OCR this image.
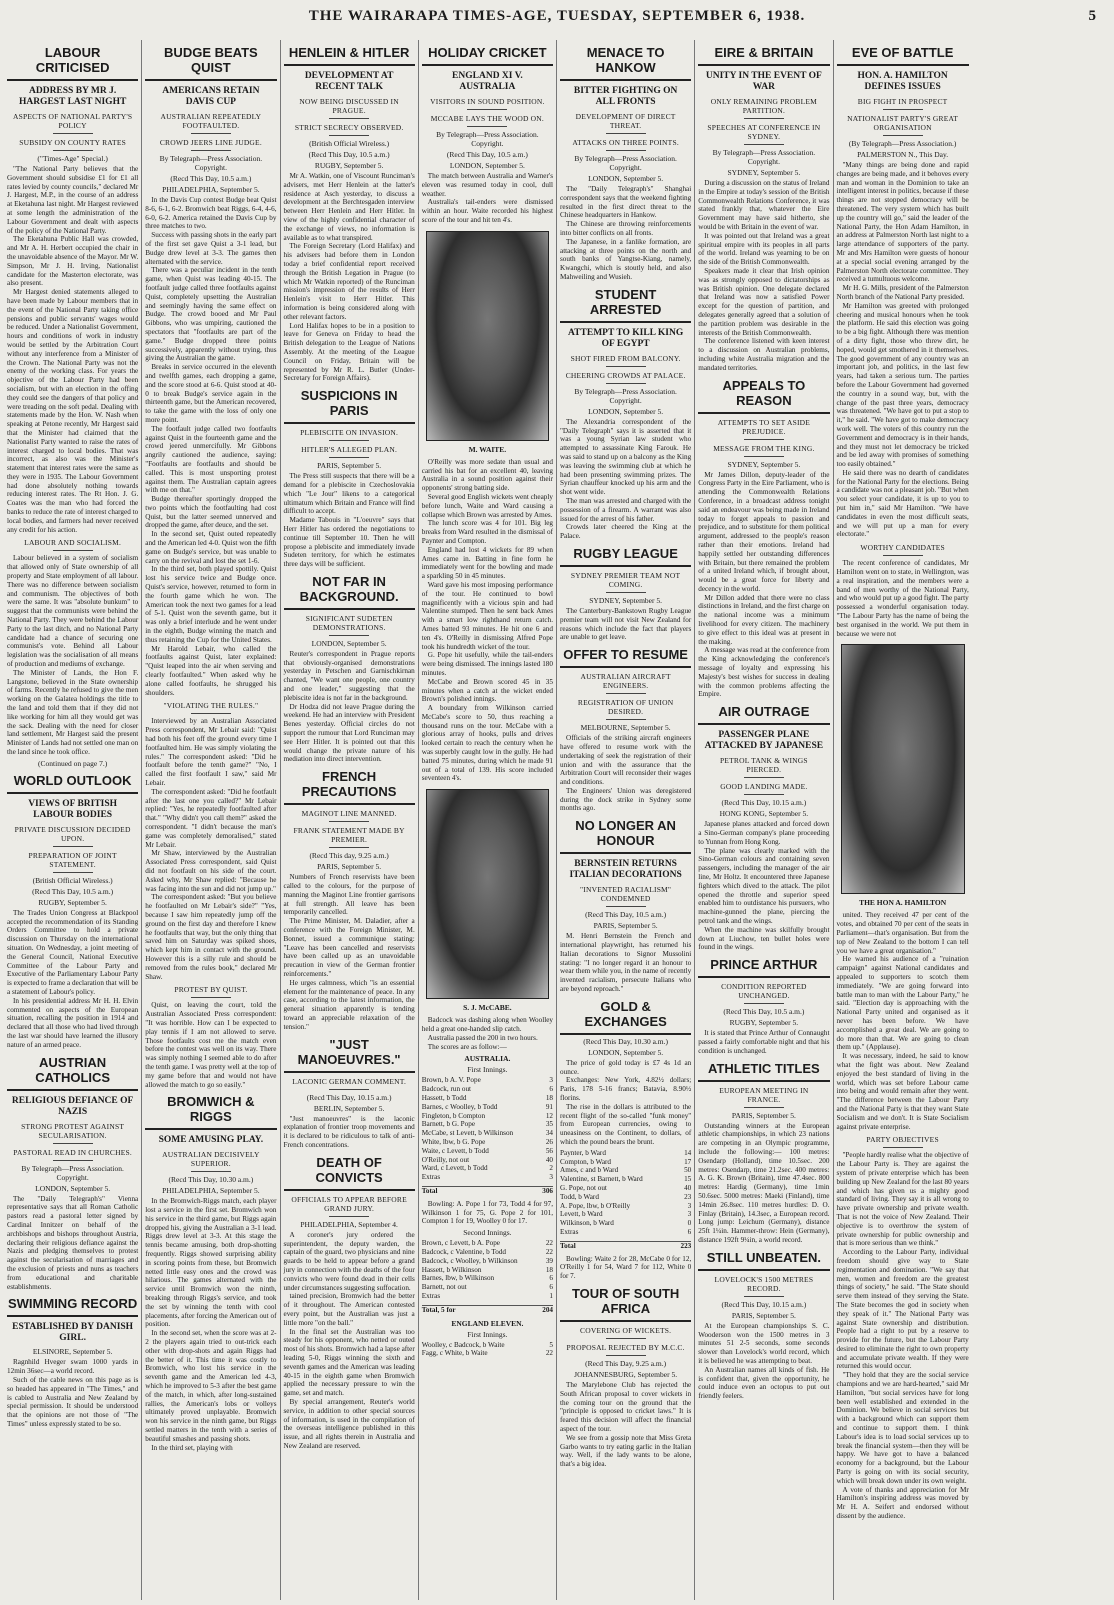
THE WAIRARAPA TIMES-AGE, TUESDAY, SEPTEMBER 6, 1938.	5
LABOUR CRITICISED
ADDRESS BY MR J. HARGEST LAST NIGHT
ASPECTS OF NATIONAL PARTY'S POLICY
SUBSIDY ON COUNTY RATES
("Times-Age" Special.)
"The National Party believes that the Government should subsidise £1 for £1 all rates levied by county councils," declared Mr J. Hargest, M.P., in the course of an address at Eketahuna last night. Mr Hargest reviewed at some length the administration of the Labour Government and dealt with aspects of the policy of the National Party.
The Eketahuna Public Hall was crowded, and Mr A. H. Herbert occupied the chair in the unavoidable absence of the Mayor. Mr W. Simpson, Mr J. H. Irving, Nationalist candidate for the Masterton electorate, was also present.
Mr Hargest denied statements alleged to have been made by Labour members that in the event of the National Party taking office pensions and public servants' wages would be reduced. Under a Nationalist Government, hours and conditions of work in industry would be settled by the Arbitration Court without any interference from a Minister of the Crown. The National Party was not the enemy of the working class. For years the objective of the Labour Party had been socialism, but with an election in the offing they could see the dangers of that policy and were treading on the soft pedal. Dealing with statements made by the Hon. W. Nash when speaking at Petone recently, Mr Hargest said that the Minister had claimed that the Nationalist Party wanted to raise the rates of interest charged to local bodies. That was incorrect, as also was the Minister's statement that interest rates were the same as they were in 1935. The Labour Government had done absolutely nothing towards reducing interest rates. The Rt Hon. J. G. Coates was the man who had forced the banks to reduce the rate of interest charged to local bodies, and farmers had never received any credit for his action.
LABOUR AND SOCIALISM.
Labour believed in a system of socialism that allowed only of State ownership of all property and State employment of all labour. There was no difference between socialism and communism. The objectives of both were the same. It was "absolute bunkum" to suggest that the communists were behind the National Party. They were behind the Labour Party to the last ditch, and no National Party candidate had a chance of securing one communist's vote. Behind all Labour legislation was the socialisation of all means of production and mediums of exchange.
The Minister of Lands, the Hon F. Langstone, believed in the State ownership of farms. Recently he refused to give the men working on the Galatea holdings the title to the land and told them that if they did not like working for him all they would get was the sack. Dealing with the need for closer land settlement, Mr Hargest said the present Minister of Lands had not settled one man on the land since he took office.
(Continued on page 7.)
WORLD OUTLOOK
VIEWS OF BRITISH LABOUR BODIES
PRIVATE DISCUSSION DECIDED UPON.
PREPARATION OF JOINT STATEMENT.
(British Official Wireless.)
(Recd This Day, 10.5 a.m.)
RUGBY, September 5.
The Trades Union Congress at Blackpool accepted the recommendation of its Standing Orders Committee to hold a private discussion on Thursday on the international situation. On Wednesday, a joint meeting of the General Council, National Executive Committee of the Labour Party and Executive of the Parliamentary Labour Party is expected to frame a declaration that will be a statement of Labour's policy.
In his presidential address Mr H. H. Elvin commented on aspects of the European situation, recalling the position in 1914 and declared that all those who had lived through the last war should have learned the illusory nature of an armed peace.
AUSTRIAN CATHOLICS
RELIGIOUS DEFIANCE OF NAZIS
STRONG PROTEST AGAINST SECULARISATION.
PASTORAL READ IN CHURCHES.
By Telegraph—Press Association. Copyright.
LONDON, September 5.
The "Daily Telegraph's" Vienna representative says that all Roman Catholic pastors read a pastoral letter signed by Cardinal Innitzer on behalf of the archbishops and bishops throughout Austria, declaring their religious defiance against the Nazis and pledging themselves to protest against the secularisation of marriages and the exclusion of priests and nuns as teachers from educational and charitable establishments.
SWIMMING RECORD
ESTABLISHED BY DANISH GIRL.
ELSINORE, September 5.
Ragnhild Hveger swam 1000 yards in 12min 36sec—a world record.
Such of the cable news on this page as is so headed has appeared in "The Times," and is cabled to Australia and New Zealand by special permission. It should be understood that the opinions are not those of "The Times" unless expressly stated to be so.
BUDGE BEATS QUIST
AMERICANS RETAIN DAVIS CUP
AUSTRALIAN REPEATEDLY FOOTFAULTED.
CROWD JEERS LINE JUDGE.
By Telegraph—Press Association. Copyright.
(Recd This Day, 10.5 a.m.)
PHILADELPHIA, September 5.
In the Davis Cup contest Budge beat Quist 8-6, 6-1, 6-2. Bromwich beat Riggs, 6-4, 4-6, 6-0, 6-2. America retained the Davis Cup by three matches to two.
Success with passing shots in the early part of the first set gave Quist a 3-1 lead, but Budge drew level at 3-3. The games then alternated with the service.
There was a peculiar incident in the tenth game, when Quist was leading 40-15. The footfault judge called three footfaults against Quist, completely upsetting the Australian and seemingly having the same effect on Budge. The crowd booed and Mr Paul Gibbons, who was umpiring, cautioned the spectators that "footfaults are part of the game." Budge dropped three points successively, apparently without trying, thus giving the Australian the game.
Breaks in service occurred in the eleventh and twelfth games, each dropping a game, and the score stood at 6-6. Quist stood at 40-0 to break Budge's service again in the thirteenth game, but the American recovered, to take the game with the loss of only one more point.
The footfault judge called two footfaults against Quist in the fourteenth game and the crowd jeered unmercifully. Mr Gibbons angrily cautioned the audience, saying: "Footfaults are footfaults and should be called. This is most unsporting protest against them. The Australian captain agrees with me on that."
Budge thereafter sportingly dropped the two points which the footfaulting had cost Quist, but the latter seemed unnerved and dropped the game, after deuce, and the set.
In the second set, Quist outed repeatedly and the American led 4-0. Quist won the fifth game on Budge's service, but was unable to carry on the revival and lost the set 1-6.
In the third set, both played spottily. Quist lost his service twice and Budge once. Quist's service, however, returned to form in the fourth game which he won. The American took the next two games for a lead of 5-1. Quist won the seventh game, but it was only a brief interlude and he went under in the eighth, Budge winning the match and thus retaining the Cup for the United States.
Mr Harold Lebair, who called the footfaults against Quist, later explained: "Quist leaped into the air when serving and clearly footfaulted." When asked why he alone called footfaults, he shrugged his shoulders.
"VIOLATING THE RULES."
Interviewed by an Australian Associated Press correspondent, Mr Lebair said: "Quist had both his feet off the ground every time I footfaulted him. He was simply violating the rules." The correspondent asked: "Did he footfault before the tenth game?" "No, I called the first footfault I saw," said Mr Lebair.
The correspondent asked: "Did he footfault after the last one you called?" Mr Lebair replied: "Yes, he repeatedly footfaulted after that." "Why didn't you call them?" asked the correspondent. "I didn't because the man's game was completely demoralised," stated Mr Lebair.
Mr Shaw, interviewed by the Australian Associated Press correspondent, said Quist did not footfault on his side of the court. Asked why, Mr Shaw replied: "Because he was facing into the sun and did not jump up."
The correspondent asked: "But you believe he footfaulted on Mr Lebair's side?" "Yes, because I saw him repeatedly jump off the ground on the first day and therefore I knew he footfaults that way, but the only thing that saved him on Saturday was spiked shoes, which kept him in contact with the ground. However this is a silly rule and should be removed from the rules book," declared Mr Shaw.
PROTEST BY QUIST.
Quist, on leaving the court, told the Australian Associated Press correspondent: "It was horrible. How can I be expected to play tennis if I am not allowed to serve. Those footfaults cost me the match even before the contest was well on its way. There was simply nothing I seemed able to do after the tenth game. I was pretty well at the top of my game before that and would not have allowed the match to go so easily."
BROMWICH & RIGGS
SOME AMUSING PLAY.
AUSTRALIAN DECISIVELY SUPERIOR.
(Recd This Day, 10.30 a.m.)
PHILADELPHIA, September 5.
In the Bromwich-Riggs match, each player lost a service in the first set. Bromwich won his service in the third game, but Riggs again dropped his, giving the Australian a 3-1 lead. Riggs drew level at 3-3. At this stage the tennis became amusing, both drop-shotting frequently. Riggs showed surprising ability in scoring points from these, but Bromwich netted little easy ones and the crowd was hilarious. The games alternated with the service until Bromwich won the ninth, breaking through Riggs's service, and took the set by winning the tenth with cool placements, after forcing the American out of position.
In the second set, when the score was at 2-2 the players again tried to out-trick each other with drop-shots and again Riggs had the better of it. This time it was costly to Bromwich, who lost his service in the seventh game and the American led 4-3, which he improved to 5-3 after the best game of the match, in which, after long-sustained rallies, the American's lobs or volleys ultimately proved unplayable. Bromwich won his service in the ninth game, but Riggs settled matters in the tenth with a series of beautiful smashes and passing shots.
In the third set, playing with
HENLEIN & HITLER
DEVELOPMENT AT RECENT TALK
NOW BEING DISCUSSED IN PRAGUE.
STRICT SECRECY OBSERVED.
(British Official Wireless.)
(Recd This Day, 10.5 a.m.)
RUGBY, September 5.
Mr A. Watkin, one of Viscount Runciman's advisers, met Herr Henlein at the latter's residence at Asch yesterday, to discuss a development at the Berchtesgaden interview between Herr Henlein and Herr Hitler. In view of the highly confidential character of the exchange of views, no information is available as to what transpired.
The Foreign Secretary (Lord Halifax) and his advisers had before them in London today a brief confidential report received through the British Legation in Prague (to which Mr Watkin reported) of the Runciman mission's impression of the results of Herr Henlein's visit to Herr Hitler. This information is being considered along with other relevant factors.
Lord Halifax hopes to be in a position to leave for Geneva on Friday to head the British delegation to the League of Nations Assembly. At the meeting of the League Council on Friday, Britain will be represented by Mr R. L. Butler (Under-Secretary for Foreign Affairs).
SUSPICIONS IN PARIS
PLEBISCITE ON INVASION.
HITLER'S ALLEGED PLAN.
PARIS, September 5.
The Press still suspects that there will be a demand for a plebiscite in Czechoslovakia which "Le Jour" likens to a categorical ultimatum which Britain and France will find difficult to accept.
Madame Tabouis in "L'oeuvre" says that Herr Hitler has ordered the negotiations to continue till September 10. Then he will propose a plebiscite and immediately invade Sudeten territory, for which he estimates three days will be sufficient.
NOT FAR IN BACKGROUND.
SIGNIFICANT SUDETEN DEMONSTRATIONS.
LONDON, September 5.
Reuter's correspondent in Prague reports that obviously-organised demonstrations yesterday in Petschen and Garnischkirnan chanted, "We want one people, one country and one leader," suggesting that the plebiscite idea is not far in the background.
Dr Hodza did not leave Prague during the weekend. He had an interview with President Benes yesterday. Official circles do not support the rumour that Lord Runciman may see Herr Hitler. It is pointed out that this would change the private nature of his mediation into direct intervention.
FRENCH PRECAUTIONS
MAGINOT LINE MANNED.
FRANK STATEMENT MADE BY PREMIER.
(Recd This day, 9.25 a.m.)
PARIS, September 5.
Numbers of French reservists have been called to the colours, for the purpose of manning the Maginot Line frontier garrisons at full strength. All leave has been temporarily cancelled.
The Prime Minister, M. Daladier, after a conference with the Foreign Minister, M. Bonnet, issued a communique stating: "Leave has been cancelled and reservists have been called up as an unavoidable precaution in view of the German frontier reinforcements."
He urges calmness, which "is an essential element for the maintenance of peace. In any case, according to the latest information, the general situation apparently is tending toward an appreciable relaxation of the tension."
"JUST MANOEUVRES."
LACONIC GERMAN COMMENT.
(Recd This Day, 10.15 a.m.)
BERLIN, September 5.
"Just manoeuvres" is the laconic explanation of frontier troop movements and it is declared to be ridiculous to talk of anti-French concentrations.
DEATH OF CONVICTS
OFFICIALS TO APPEAR BEFORE GRAND JURY.
PHILADELPHIA, September 4.
A coroner's jury ordered the superintendent, the deputy warden, the captain of the guard, two physicians and nine guards to be held to appear before a grand jury in connection with the deaths of the four convicts who were found dead in their cells under circumstances suggesting suffocation.
tained precision, Bromwich had the better of it throughout. The American contested every point, but the Australian was just a little more "on the ball."
In the final set the Australian was too steady for his opponent, who netted or outed most of his shots. Bromwich had a lapse after leading 5-0, Riggs winning the sixth and seventh games and the American was leading 40-15 in the eighth game when Bromwich applied the necessary pressure to win the game, set and match.
By special arrangement, Reuter's world service, in addition to other special sources of information, is used in the compilation of the overseas intelligence published in this issue, and all rights therein in Australia and New Zealand are reserved.
HOLIDAY CRICKET
ENGLAND XI V. AUSTRALIA
VISITORS IN SOUND POSITION.
MCCABE LAYS THE WOOD ON.
By Telegraph—Press Association. Copyright.
(Recd This Day, 10.5 a.m.)
LONDON, September 5.
The match between Australia and Warner's eleven was resumed today in cool, dull weather.
Australia's tail-enders were dismissed within an hour. Waite recorded his highest score of the tour and hit ten 4's.
M. WAITE.
O'Reilly was more sedate than usual and carried his bat for an excellent 40, leaving Australia in a sound position against their opponents' strong batting side.
Several good English wickets went cheaply before lunch, Waite and Ward causing a collapse which Brown was arrested by Ames.
The lunch score was 4 for 101. Big leg breaks from Ward resulted in the dismissal of Paynter and Compton.
England had lost 4 wickets for 89 when Ames came in. Batting in fine form he immediately went for the bowling and made a sparkling 50 in 45 minutes.
Ward gave his most imposing performance of the tour. He continued to bowl magnificently with a vicious spin and had Valentine stumped. Then he sent back Ames with a smart low righthand return catch. Ames batted 93 minutes. He hit one 6 and ten 4's. O'Reilly in dismissing Alfred Pope took his hundredth wicket of the tour.
G. Pope hit usefully, while the tail-enders were being dismissed. The innings lasted 180 minutes.
McCabe and Brown scored 45 in 35 minutes when a catch at the wicket ended Brown's polished innings.
A boundary from Wilkinson carried McCabe's score to 50, thus reaching a thousand runs on the tour. McCabe with a glorious array of hooks, pulls and drives looked certain to reach the century when he was superbly caught low in the gully. He had batted 75 minutes, during which he made 91 out of a total of 139. His score included seventeen 4's.
S. J. McCABE.
Badcock was dashing along when Woolley held a great one-handed slip catch.
Australia passed the 200 in two hours.
The scores are as follow:—
AUSTRALIA.
First Innings.
Brown, b A. V. Pope	3
Badcock, run out	6
Hassett, b Todd	18
Barnes, c Woolley, b Todd	91
Fingleton, b Compton	12
Barnett, b G. Pope	35
McCabe, st Levett, b Wilkinson	34
White, lbw, b G. Pope	26
Waite, c Levett, b Todd	56
O'Reilly, not out	40
Ward, c Levett, b Todd	2
Extras	3
Total	306
Bowling: A. Pope 1 for 73, Todd 4 for 97, Wilkinson 1 for 75, G. Pope 2 for 101, Compton 1 for 19, Woolley 0 for 17.
Second Innings.
Brown, c Levett, b A. Pope	22
Badcock, c Valentine, b Todd	22
Badcock, c Woolley, b Wilkinson	39
Hassett, b Wilkinson	18
Barnes, lbw, b Wilkinson	6
Barnett, not out	6
Extras	1
Total, 5 for	204
ENGLAND ELEVEN.
First Innings.
Woolley, c Badcock, b Waite	5
Fagg, c White, b Waite	22
MENACE TO HANKOW
BITTER FIGHTING ON ALL FRONTS
DEVELOPMENT OF DIRECT THREAT.
ATTACKS ON THREE POINTS.
By Telegraph—Press Association. Copyright.
LONDON, September 5.
The "Daily Telegraph's" Shanghai correspondent says that the weekend fighting resulted in the first direct threat to the Chinese headquarters in Hankow.
The Chinese are throwing reinforcements into bitter conflicts on all fronts.
The Japanese, in a fanlike formation, are attacking at three points on the north and south banks of Yangtse-Kiang, namely, Kwangchi, which is stoutly held, and also Mahweiling and Wusieh.
STUDENT ARRESTED
ATTEMPT TO KILL KING OF EGYPT
SHOT FIRED FROM BALCONY.
CHEERING CROWDS AT PALACE.
By Telegraph—Press Association. Copyright.
LONDON, September 5.
The Alexandria correspondent of the "Daily Telegraph" says it is asserted that it was a young Syrian law student who attempted to assassinate King Farouk. He was said to stand up on a balcony as the King was leaving the swimming club at which he had been presenting swimming prizes. The Syrian chauffeur knocked up his arm and the shot went wide.
The man was arrested and charged with the possession of a firearm. A warrant was also issued for the arrest of his father.
Crowds later cheered the King at the Palace.
RUGBY LEAGUE
SYDNEY PREMIER TEAM NOT COMING.
SYDNEY, September 5.
The Canterbury-Bankstown Rugby League premier team will not visit New Zealand for reasons which include the fact that players are unable to get leave.
OFFER TO RESUME
AUSTRALIAN AIRCRAFT ENGINEERS.
REGISTRATION OF UNION DESIRED.
MELBOURNE, September 5.
Officials of the striking aircraft engineers have offered to resume work with the undertaking of seek the registration of their union and with the assurance that the Arbitration Court will reconsider their wages and conditions.
The Engineers' Union was deregistered during the dock strike in Sydney some months ago.
NO LONGER AN HONOUR
BERNSTEIN RETURNS ITALIAN DECORATIONS
"INVENTED RACIALISM" CONDEMNED
(Recd This Day, 10.5 a.m.)
PARIS, September 5.
M. Henri Bernstein the French and international playwright, has returned his Italian decorations to Signor Mussolini stating: "I no longer regard it an honour to wear them while you, in the name of recently invented racialism, persecute Italians who are beyond reproach."
GOLD & EXCHANGES
(Recd This Day, 10.30 a.m.)
LONDON, September 5.
The price of gold today is £7 4s 1d an ounce.
Exchanges: New York, 4.82½ dollars; Paris, 178 5-16 francs; Batavia, 8.90½ florins.
The rise in the dollars is attributed to the recent flight of the so-called "funk money" from European currencies, owing to uneasiness on the Continent, to dollars, of which the pound bears the brunt.
Paynter, b Ward	14
Compton, b Ward	17
Ames, c and b Ward	50
Valentine, st Barnett, b Ward	15
G. Pope, not out	40
Todd, b Ward	23
A. Pope, lbw, b O'Reilly	3
Levett, b Ward	3
Wilkinson, b Ward	0
Extras	6
Total	223
Bowling: Waite 2 for 28, McCabe 0 for 12, O'Reilly 1 for 54, Ward 7 for 112, White 0 for 7.
TOUR OF SOUTH AFRICA
COVERING OF WICKETS.
PROPOSAL REJECTED BY M.C.C.
(Recd This Day, 9.25 a.m.)
JOHANNESBURG, September 5.
The Marylebone Club has rejected the South African proposal to cover wickets in the coming tour on the ground that the "principle is opposed to cricket laws." It is feared this decision will affect the financial aspect of the tour.
We see from a gossip note that Miss Greta Garbo wants to try eating garlic in the Italian way. Well, if the lady wants to be alone, that's a big idea.
EIRE & BRITAIN
UNITY IN THE EVENT OF WAR
ONLY REMAINING PROBLEM PARTITION.
SPEECHES AT CONFERENCE IN SYDNEY.
By Telegraph—Press Association. Copyright.
SYDNEY, September 5.
During a discussion on the status of Ireland in the Empire at today's session of the British Commonwealth Relations Conference, it was stated frankly that, whatever the Eire Government may have said hitherto, she would be with Britain in the event of war.
It was pointed out that Ireland was a great spiritual empire with its peoples in all parts of the world. Ireland was yearning to be on the side of the British Commonwealth.
Speakers made it clear that Irish opinion was as strongly opposed to dictatorships as was British opinion. One delegate declared that Ireland was now a satisfied Power except for the question of partition, and delegates generally agreed that a solution of the partition problem was desirable in the interests of the British Commonwealth.
The conference listened with keen interest to a discussion on Australian problems, including white Australia migration and the mandated territories.
APPEALS TO REASON
ATTEMPTS TO SET ASIDE PREJUDICE.
MESSAGE FROM THE KING.
SYDNEY, September 5.
Mr James Dillon, deputy-leader of the Congress Party in the Eire Parliament, who is attending the Commonwealth Relations Conference, in a broadcast address tonight said an endeavour was being made in Ireland today to forget appeals to passion and prejudice, and to substitute for them political argument, addressed to the people's reason rather than their emotions. Ireland had happily settled her outstanding differences with Britain, but there remained the problem of a united Ireland which, if brought about, would be a great force for liberty and decency in the world.
Mr Dillon added that there were no class distinctions in Ireland, and the first charge on the national income was a minimum livelihood for every citizen. The machinery to give effect to this ideal was at present in the making.
A message was read at the conference from the King acknowledging the conference's message of loyalty and expressing his Majesty's best wishes for success in dealing with the common problems affecting the Empire.
AIR OUTRAGE
PASSENGER PLANE ATTACKED BY JAPANESE
PETROL TANK & WINGS PIERCED.
GOOD LANDING MADE.
(Recd This Day, 10.15 a.m.)
HONG KONG, September 5.
Japanese planes attacked and forced down a Sino-German company's plane proceeding to Yunnan from Hong Kong.
The plane was clearly marked with the Sino-German colours and containing seven passengers, including the manager of the air line, Mr Holtz. It encountered three Japanese fighters which dived to the attack. The pilot opened the throttle and superior speed enabled him to outdistance his pursuers, who machine-gunned the plane, piercing the petrol tank and the wings.
When the machine was skilfully brought down at Liuchow, ten bullet holes were found in the wings.
PRINCE ARTHUR
CONDITION REPORTED UNCHANGED.
(Recd This Day, 10.5 a.m.)
RUGBY, September 5.
It is stated that Prince Arthur of Connaught passed a fairly comfortable night and that his condition is unchanged.
ATHLETIC TITLES
EUROPEAN MEETING IN FRANCE.
PARIS, September 5.
Outstanding winners at the European athletic championships, in which 23 nations are competing in an Olympic programme, include the following:— 100 metres: Osendarp (Holland), time 10.5sec. 200 metres: Osendarp, time 21.2sec. 400 metres: A. G. K. Brown (Britain), time 47.4sec. 800 metres: Hardig (Germany), time 1min 50.6sec. 5000 metres: Maeki (Finland), time 14min 26.8sec. 110 metres hurdles: D. O. Finlay (Britain), 14.3sec, a European record. Long jump: Leichum (Germany), distance 25ft 1¼in. Hammer-throw: Hein (Germany), distance 192ft 9¼in, a world record.
STILL UNBEATEN.
LOVELOCK'S 1500 METRES RECORD.
(Recd This Day, 10.15 a.m.)
PARIS, September 5.
At the European championships S. C. Wooderson won the 1500 metres in 3 minutes 51 2-5 seconds, some seconds slower than Lovelock's world record, which it is believed he was attempting to beat.
An Australian names all kinds of fish. He is confident that, given the opportunity, he could induce even an octopus to put out friendly feelers.
EVE OF BATTLE
HON. A. HAMILTON DEFINES ISSUES
BIG FIGHT IN PROSPECT
NATIONALIST PARTY'S GREAT ORGANISATION
(By Telegraph—Press Association.)
PALMERSTON N., This Day.
"Many things are being done and rapid changes are being made, and it behoves every man and woman in the Dominion to take an intelligent interest in politics, because if these things are not stopped democracy will be threatened. The very system which has built up the country will go," said the leader of the National Party, the Hon Adam Hamilton, in an address at Palmerston North last night to a large attendance of supporters of the party. Mr and Mrs Hamilton were guests of honour at a special social evening arranged by the Palmerston North electorate committee. They received a tumultuous welcome.
Mr H. G. Mills, president of the Palmerston North branch of the National Party presided.
Mr Hamilton was greeted with prolonged cheering and musical honours when he took the platform. He said this election was going to be a big fight. Although there was mention of a dirty fight, those who threw dirt, he hoped, would get smothered in it themselves. The good government of any country was an important job, and politics, in the last few years, had taken a serious turn. The parties before the Labour Government had governed the country in a sound way, but, with the change of the past three years, democracy was threatened. "We have got to put a stop to it," he said. "We have got to make democracy work well. The voters of this country run the Government and democracy is in their hands, and they must not let democracy be tricked and be led away with promises of something too easily obtained."
He said there was no dearth of candidates for the National Party for the elections. Being a candidate was not a pleasant job. "But when you select your candidate, it is up to you to put him in," said Mr Hamilton. "We have candidates in even the most difficult seats, and we will put up a man for every electorate."
WORTHY CANDIDATES
The recent conference of candidates, Mr Hamilton went on to state, in Wellington, was a real inspiration, and the members were a band of men worthy of the National Party, and who would put up a good fight. The party possessed a wonderful organisation today. "The Labour Party has the name of being the best organised in the world. We put them in because we were not
THE HON A. HAMILTON
united. They received 47 per cent of the votes, and obtained 70 per cent of the seats in Parliament—that's organisation. But from the top of New Zealand to the bottom I can tell you we have a great organisation."
He warned his audience of a "ruination campaign" against National candidates and appealed to supporters to scotch them immediately. "We are going forward into battle man to man with the Labour Party," he said. "Election day is approaching with the National Party united and organised as it never has been before. We have accomplished a great deal. We are going to do more than that. We are going to clean them up." (Applause).
It was necessary, indeed, he said to know what the fight was about. New Zealand enjoyed the best standard of living in the world, which was set before Labour came into being and would remain after they went. "The difference between the Labour Party and the National Party is that they want State Socialism and we don't. It is State Socialism against private enterprise.
PARTY OBJECTIVES
"People hardly realise what the objective of the Labour Party is. They are against the system of private enterprise which has been building up New Zealand for the last 80 years and which has given us a mighty good standard of living. They say it is all wrong to have private ownership and private wealth. That is not the voice of New Zealand. Their objective is to overthrow the system of private ownership for public ownership and that is more serious than we think."
According to the Labour Party, individual freedom should give way to State regimentation and domination. "We say that men, women and freedom are the greatest things of society," he said. "The State should serve them instead of they serving the State. The State becomes the god in society when they speak of it." The National Party was against State ownership and distribution. People had a right to put by a reserve to provide for the future, but the Labour Party desired to eliminate the right to own property and accumulate private wealth. If they were returned this would occur.
"They hold that they are the social service champions and we are hard-hearted," said Mr Hamilton, "but social services have for long been well established and extended in the Dominion. We believe in social services but with a background which can support them and continue to support them. I think Labour's idea is to load social services up to break the financial system—then they will be happy. We have got to have a balanced economy for a background, but the Labour Party is going on with its social security, which will break down under its own weight.
A vote of thanks and appreciation for Mr Hamilton's inspiring address was moved by Mr H. A. Seifert and endorsed without dissent by the audience.
